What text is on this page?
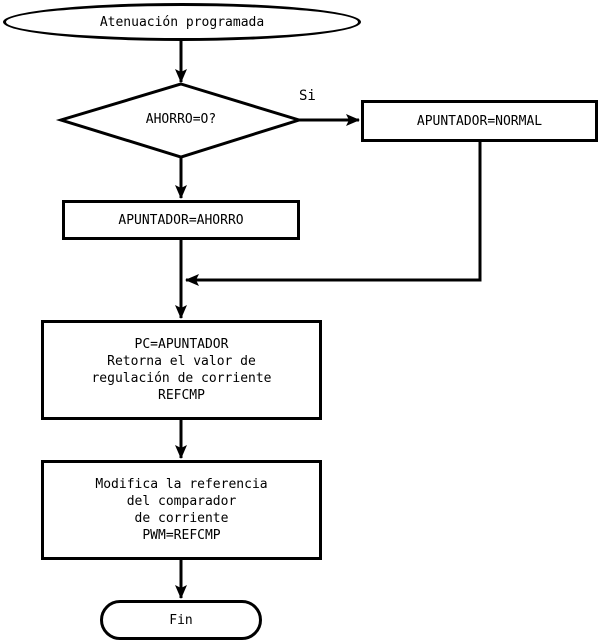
Atenuación programada
AHORRO=O?
Si
APUNTADOR=NORMAL
APUNTADOR=AHORRO
PC=APUNTADOR
Retorna el valor de
regulación de corriente
REFCMP
Modifica la referencia
del comparador
de corriente
PWM=REFCMP
Fin
